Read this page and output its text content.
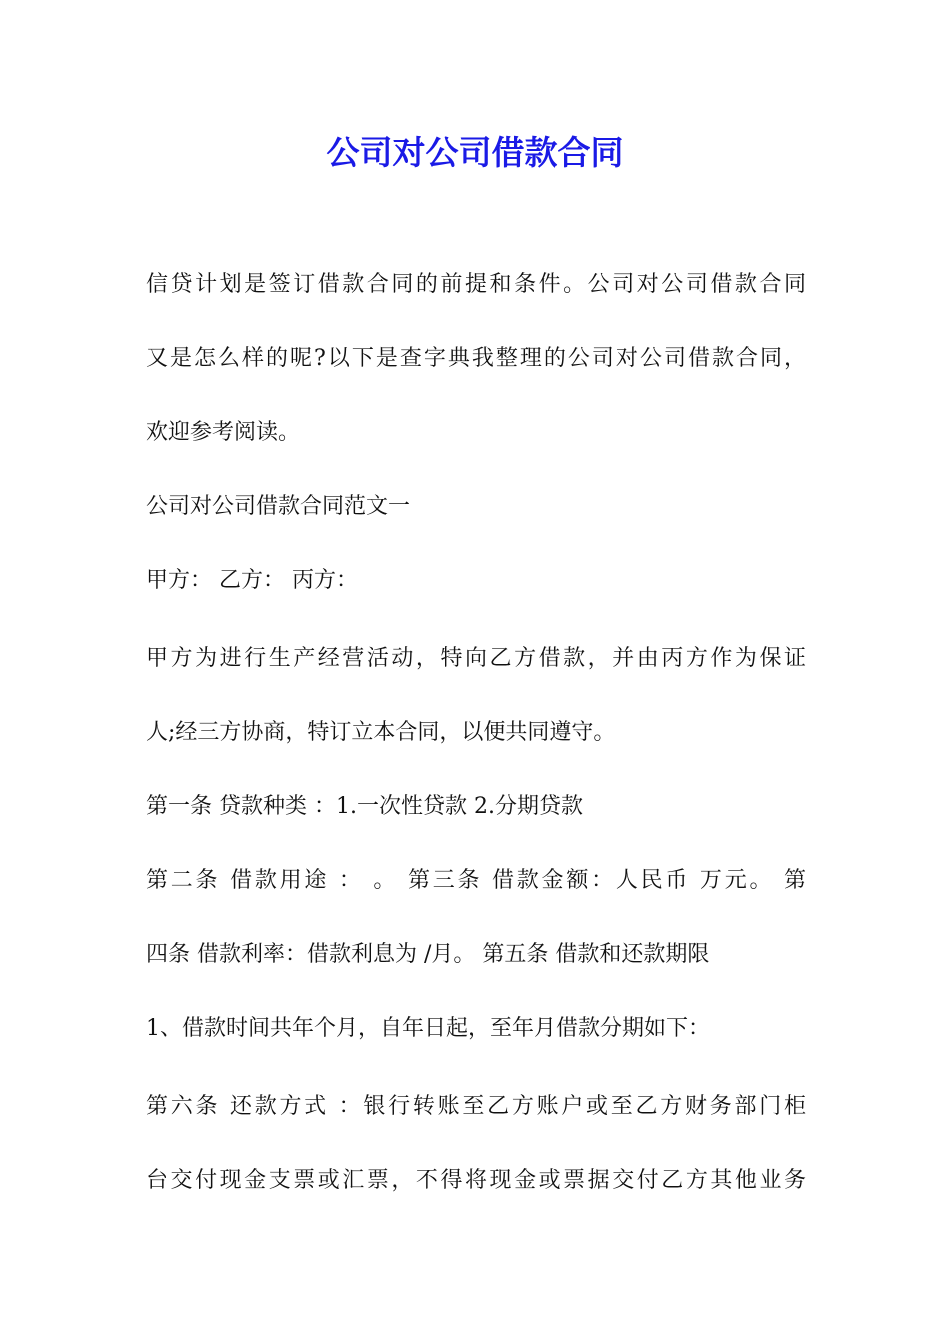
公司对公司借款合同
信贷计划是签订借款合同的前提和条件。公司对公司借款合同
又是怎么样的呢?以下是查字典我整理的公司对公司借款合同，
欢迎参考阅读。
公司对公司借款合同范文一
甲方： 乙方： 丙方：
甲方为进行生产经营活动，特向乙方借款，并由丙方作为保证
人;经三方协商，特订立本合同，以便共同遵守。
第一条 贷款种类 ：1.一次性贷款 2.分期贷款
第二条 借款用途 ： 。 第三条 借款金额：人民币 万元。 第
四条 借款利率：借款利息为 /月。 第五条 借款和还款期限
1、借款时间共年个月，自年日起，至年月借款分期如下：
第六条 还款方式 ：银行转账至乙方账户或至乙方财务部门柜
台交付现金支票或汇票，不得将现金或票据交付乙方其他业务
